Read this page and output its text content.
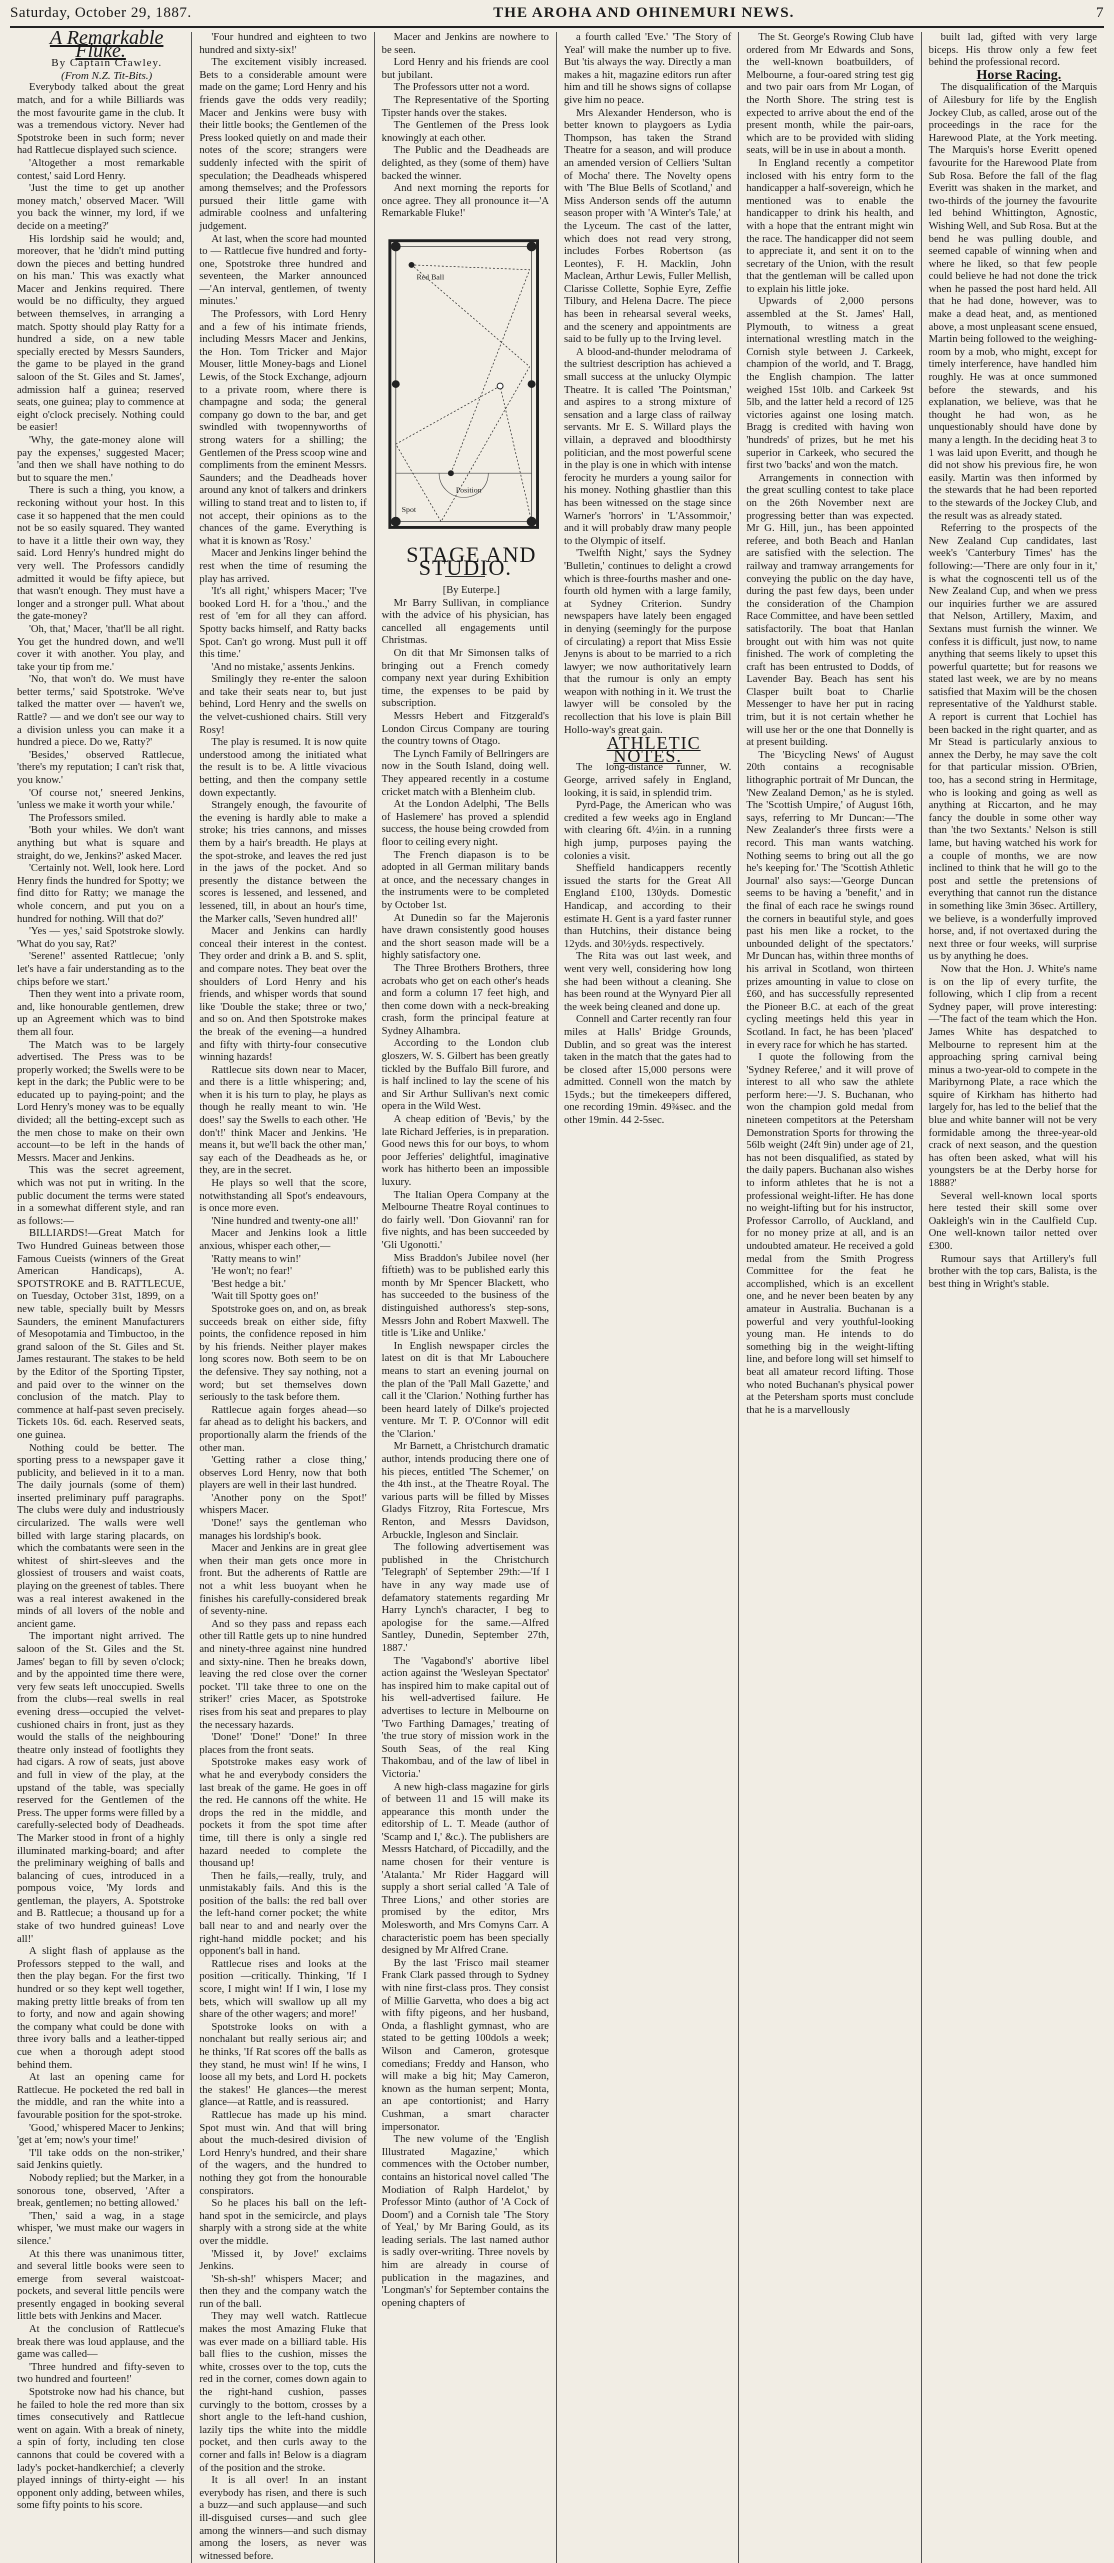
Saturday, October 29, 1887.	THE AROHA AND OHINEMURI NEWS.	7

A Remarkable Fluke.

By Captain Crawley.

(From N.Z. Tit-Bits.)

Everybody talked about the great match, and for a while Billiards was the most favourite game in the club. It was a tremendous victory. Never had Spotstroke been in such form; never had Rattlecue displayed such science.

'Altogether a most remarkable contest,' said Lord Henry.

'Just the time to get up another money match,' observed Macer. 'Will you back the winner, my lord, if we decide on a meeting?'

His lordship said he would; and, moreover, that he 'didn't mind putting down the pieces and betting hundred on his man.' This was exactly what Macer and Jenkins required. There would be no difficulty, they argued between themselves, in arranging a match. Spotty should play Ratty for a hundred a side, on a new table specially erected by Messrs Saunders, the game to be played in the grand saloon of the St. Giles and St. James', admission half a guinea; reserved seats, one guinea; play to commence at eight o'clock precisely. Nothing could be easier!

'Why, the gate-money alone will pay the expenses,' suggested Macer; 'and then we shall have nothing to do but to square the men.'

There is such a thing, you know, a reckoning without your host. In this case it so happened that the men could not be so easily squared. They wanted to have it a little their own way, they said. Lord Henry's hundred might do very well. The Professors candidly admitted it would be fifty apiece, but that wasn't enough. They must have a longer and a stronger pull. What about the gate-money?

'Oh, that,' Macer, 'that'll be all right. You get the hundred down, and we'll cover it with another. You play, and take your tip from me.'

'No, that won't do. We must have better terms,' said Spotstroke. 'We've talked the matter over — haven't we, Rattle? — and we don't see our way to a division unless you can make it a hundred a piece. Do we, Ratty?'

'Besides,' observed Rattlecue, 'there's my reputation; I can't risk that, you know.'

'Of course not,' sneered Jenkins, 'unless we make it worth your while.'

The Professors smiled.

'Both your whiles. We don't want anything but what is square and straight, do we, Jenkins?' asked Macer.

'Certainly not. Well, look here. Lord Henry finds the hundred for Spotty; we find ditto for Ratty; we manage the whole concern, and put you on a hundred for nothing. Will that do?'

'Yes — yes,' said Spotstroke slowly. 'What do you say, Rat?'

'Serene!' assented Rattlecue; 'only let's have a fair understanding as to the chips before we start.'

Then they went into a private room, and, like honourable gentlemen, drew up an Agreement which was to bind them all four.

The Match was to be largely advertised. The Press was to be properly worked; the Swells were to be kept in the dark; the Public were to be educated up to paying-point; and the Lord Henry's money was to be equally divided; all the betting-except such as the men chose to make on their own account—to be left in the hands of Messrs. Macer and Jenkins.

This was the secret agreement, which was not put in writing. In the public document the terms were stated in a somewhat different style, and ran as follows:—

BILLIARDS!—Great Match for Two Hundred Guineas between those Famous Cueists (winners of the Great American Handicaps), A. SPOTSTROKE and B. RATTLECUE, on Tuesday, October 31st, 1899, on a new table, specially built by Messrs Saunders, the eminent Manufacturers of Mesopotamia and Timbuctoo, in the grand saloon of the St. Giles and St. James restaurant. The stakes to be held by the Editor of the Sporting Tipster, and paid over to the winner on the conclusion of the match. Play to commence at half-past seven precisely. Tickets 10s. 6d. each. Reserved seats, one guinea.

Nothing could be better. The sporting press to a newspaper gave it publicity, and believed in it to a man. The daily journals (some of them) inserted preliminary puff paragraphs. The clubs were duly and industriously circularized. The walls were well billed with large staring placards, on which the combatants were seen in the whitest of shirt-sleeves and the glossiest of trousers and waist coats, playing on the greenest of tables. There was a real interest awakened in the minds of all lovers of the noble and ancient game.

The important night arrived. The saloon of the St. Giles and the St. James' began to fill by seven o'clock; and by the appointed time there were, very few seats left unoccupied. Swells from the clubs—real swells in real evening dress—occupied the velvet-cushioned chairs in front, just as they would the stalls of the neighbouring theatre only instead of footlights they had cigars. A row of seats, just above and full in view of the play, at the upstand of the table, was specially reserved for the Gentlemen of the Press. The upper forms were filled by a carefully-selected body of Deadheads. The Marker stood in front of a highly illuminated marking-board; and after the preliminary weighing of balls and balancing of cues, introduced in a pompous voice, 'My lords and gentleman, the players, A. Spotstroke and B. Rattlecue; a thousand up for a stake of two hundred guineas! Love all!'

A slight flash of applause as the Professors stepped to the wall, and then the play began. For the first two hundred or so they kept well together, making pretty little breaks of from ten to forty, and now and again showing the company what could be done with three ivory balls and a leather-tipped cue when a thorough adept stood behind them.

At last an opening came for Rattlecue. He pocketed the red ball in the middle, and ran the white into a favourable position for the spot-stroke.

'Good,' whispered Macer to Jenkins; 'get at 'em; now's your time!'

'I'll take odds on the non-striker,' said Jenkins quietly.

Nobody replied; but the Marker, in a sonorous tone, observed, 'After a break, gentlemen; no betting allowed.'

'Then,' said a wag, in a stage whisper, 'we must make our wagers in silence.'

At this there was unanimous titter, and several little books were seen to emerge from several waistcoat-pockets, and several little pencils were presently engaged in booking several little bets with Jenkins and Macer.

At the conclusion of Rattlecue's break there was loud applause, and the game was called—

'Three hundred and fifty-seven to two hundred and fourteen!'

Spotstroke now had his chance, but he failed to hole the red more than six times consecutively and Rattlecue went on again. With a break of ninety, a spin of forty, including ten close cannons that could be covered with a lady's pocket-handkerchief; a cleverly played innings of thirty-eight — his opponent only adding, between whiles, some fifty points to his score.

'Four hundred and eighteen to two hundred and sixty-six!'

The excitement visibly increased. Bets to a considerable amount were made on the game; Lord Henry and his friends gave the odds very readily; Macer and Jenkins were busy with their little books; the Gentlemen of the Press looked quietly on and made their notes of the score; strangers were suddenly infected with the spirit of speculation; the Deadheads whispered among themselves; and the Professors pursued their little game with admirable coolness and unfaltering judgement.

At last, when the score had mounted to — Rattlecue five hundred and forty-one, Spotstroke three hundred and seventeen, the Marker announced—'An interval, gentlemen, of twenty minutes.'

The Professors, with Lord Henry and a few of his intimate friends, including Messrs Macer and Jenkins, the Hon. Tom Tricker and Major Mouser, little Money-bags and Lionel Lewis, of the Stock Exchange, adjourn to a private room, where there is champagne and soda; the general company go down to the bar, and get swindled with twopennyworths of strong waters for a shilling; the Gentlemen of the Press scoop wine and compliments from the eminent Messrs. Saunders; and the Deadheads hover around any knot of talkers and drinkers willing to stand treat and to listen to, if not accept, their opinions as to the chances of the game. Everything is what it is known as 'Rosy.'

Macer and Jenkins linger behind the rest when the time of resuming the play has arrived.

'It's all right,' whispers Macer; 'I've booked Lord H. for a 'thou.,' and the rest of 'em for all they can afford. Spotty backs himself, and Ratty backs Spot. Can't go wrong. Must pull it off this time.'

'And no mistake,' assents Jenkins.

Smilingly they re-enter the saloon and take their seats near to, but just behind, Lord Henry and the swells on the velvet-cushioned chairs. Still very Rosy!

The play is resumed. It is now quite understood among the initiated what the result is to be. A little vivacious betting, and then the company settle down expectantly.

Strangely enough, the favourite of the evening is hardly able to make a stroke; his tries cannons, and misses them by a hair's breadth. He plays at the spot-stroke, and leaves the red just in the jaws of the pocket. And so presently the distance between the scores is lessened, and lessened, and lessened, till, in about an hour's time, the Marker calls, 'Seven hundred all!'

Macer and Jenkins can hardly conceal their interest in the contest. They order and drink a B. and S. split, and compare notes. They beat over the shoulders of Lord Henry and his friends, and whisper words that sound like 'Double the stake; three or two,' and so on. And then Spotstroke makes the break of the evening—a hundred and fifty with thirty-four consecutive winning hazards!

Rattlecue sits down near to Macer, and there is a little whispering; and, when it is his turn to play, he plays as though he really meant to win. 'He does!' say the Swells to each other. 'He don't!' think Macer and Jenkins. 'He means it, but we'll back the other man,' say each of the Deadheads as he, or they, are in the secret.

He plays so well that the score, notwithstanding all Spot's endeavours, is once more even.

'Nine hundred and twenty-one all!'

Macer and Jenkins look a little anxious, whisper each other,—

'Ratty means to win!'

'He won't; no fear!'

'Best hedge a bit.'

'Wait till Spotty goes on!'

Spotstroke goes on, and on, as break succeeds break on either side, fifty points, the confidence reposed in him by his friends. Neither player makes long scores now. Both seem to be on the defensive. They say nothing, not a word; but set themselves down seriously to the task before them.

Rattlecue again forges ahead—so far ahead as to delight his backers, and proportionally alarm the friends of the other man.

'Getting rather a close thing,' observes Lord Henry, now that both players are well in their last hundred.

'Another pony on the Spot!' whispers Macer.

'Done!' says the gentleman who manages his lordship's book.

Macer and Jenkins are in great glee when their man gets once more in front. But the adherents of Rattle are not a whit less buoyant when he finishes his carefully-considered break of seventy-nine.

And so they pass and repass each other till Rattle gets up to nine hundred and ninety-three against nine hundred and sixty-nine. Then he breaks down, leaving the red close over the corner pocket. 'I'll take three to one on the striker!' cries Macer, as Spotstroke rises from his seat and prepares to play the necessary hazards.

'Done!' 'Done!' 'Done!' In three places from the front seats.

Spotstroke makes easy work of what he and everybody considers the last break of the game. He goes in off the red. He cannons off the white. He drops the red in the middle, and pockets it from the spot time after time, till there is only a single red hazard needed to complete the thousand up!

Then he fails,—really, truly, and unmistakably fails. And this is the position of the balls: the red ball over the left-hand corner pocket; the white ball near to and and nearly over the right-hand middle pocket; and his opponent's ball in hand.

Rattlecue rises and looks at the position —critically. Thinking, 'If I score, I might win! If I win, I lose my bets, which will swallow up all my share of the other wagers; and more!'

Spotstroke looks on with a nonchalant but really serious air; and he thinks, 'If Rat scores off the balls as they stand, he must win! If he wins, I loose all my bets, and Lord H. pockets the stakes!' He glances—the merest glance—at Rattle, and is reassured.

Rattlecue has made up his mind. Spot must win. And that will bring about the much-desired division of Lord Henry's hundred, and their share of the wagers, and the hundred to nothing they got from the honourable conspirators.

So he places his ball on the left-hand spot in the semicircle, and plays sharply with a strong side at the white over the middle.

'Missed it, by Jove!' exclaims Jenkins.

'Sh-sh-sh!' whispers Macer; and then they and the company watch the run of the ball.

They may well watch. Rattlecue makes the most Amazing Fluke that was ever made on a billiard table. His ball flies to the cushion, misses the white, crosses over to the top, cuts the red in the corner, comes down again to the right-hand cushion, passes curvingly to the bottom, crosses by a short angle to the left-hand cushion, lazily tips the white into the middle pocket, and then curls away to the corner and falls in! Below is a diagram of the position and the stroke.

It is all over! In an instant everybody has risen, and there is such a buzz—and such applause—and such ill-disguised curses—and such glee among the winners—and such dismay among the losers, as never was witnessed before.

Macer and Jenkins are nowhere to be seen.

Lord Henry and his friends are cool but jubilant.

The Professors utter not a word.

The Representative of the Sporting Tipster hands over the stakes.

The Gentlemen of the Press look knowingly at each other.

The Public and the Deadheads are delighted, as they (some of them) have backed the winner.

And next morning the reports for once agree. They all pronounce it—'A Remarkable Fluke!'

Red Ball
Position
Spot

STAGE AND STUDIO.

[By Euterpe.]

Mr Barry Sullivan, in compliance with the advice of his physician, has cancelled all engagements until Christmas.

On dit that Mr Simonsen talks of bringing out a French comedy company next year during Exhibition time, the expenses to be paid by subscription.

Messrs Hebert and Fitzgerald's London Circus Company are touring the country towns of Otago.

The Lynch Family of Bellringers are now in the South Island, doing well. They appeared recently in a costume cricket match with a Blenheim club.

At the London Adelphi, 'The Bells of Haslemere' has proved a splendid success, the house being crowded from floor to ceiling every night.

The French diapason is to be adopted in all German military bands at once, and the necessary changes in the instruments were to be completed by October 1st.

At Dunedin so far the Majeronis have drawn consistently good houses and the short season made will be a highly satisfactory one.

The Three Brothers Brothers, three acrobats who get on each other's heads and form a column 17 feet high, and then come down with a neck-breaking crash, form the principal feature at Sydney Alhambra.

According to the London club gloszers, W. S. Gilbert has been greatly tickled by the Buffalo Bill furore, and is half inclined to lay the scene of his and Sir Arthur Sullivan's next comic opera in the Wild West.

A cheap edition of 'Bevis,' by the late Richard Jefferies, is in preparation. Good news this for our boys, to whom poor Jefferies' delightful, imaginative work has hitherto been an impossible luxury.

The Italian Opera Company at the Melbourne Theatre Royal continues to do fairly well. 'Don Giovanni' ran for five nights, and has been succeeded by 'Gli Ugonotti.'

Miss Braddon's Jubilee novel (her fiftieth) was to be published early this month by Mr Spencer Blackett, who has succeeded to the business of the distinguished authoress's step-sons, Messrs John and Robert Maxwell. The title is 'Like and Unlike.'

In English newspaper circles the latest on dit is that Mr Labouchere means to start an evening journal on the plan of the 'Pall Mall Gazette,' and call it the 'Clarion.' Nothing further has been heard lately of Dilke's projected venture. Mr T. P. O'Connor will edit the 'Clarion.'

Mr Barnett, a Christchurch dramatic author, intends producing there one of his pieces, entitled 'The Schemer,' on the 4th inst., at the Theatre Royal. The various parts will be filled by Misses Gladys Fitzroy, Rita Fortescue, Mrs Renton, and Messrs Davidson, Arbuckle, Ingleson and Sinclair.

The following advertisement was published in the Christchurch 'Telegraph' of September 29th:—'If I have in any way made use of defamatory statements regarding Mr Harry Lynch's character, I beg to apologise for the same.—Alfred Santley, Dunedin, September 27th, 1887.'

The 'Vagabond's' abortive libel action against the 'Wesleyan Spectator' has inspired him to make capital out of his well-advertised failure. He advertises to lecture in Melbourne on 'Two Farthing Damages,' treating of 'the true story of mission work in the South Seas, of the real King Thakombau, and of the law of libel in Victoria.'

A new high-class magazine for girls of between 11 and 15 will make its appearance this month under the editorship of L. T. Meade (author of 'Scamp and I,' &c.). The publishers are Messrs Hatchard, of Piccadilly, and the name chosen for their venture is 'Atalanta.' Mr Rider Haggard will supply a short serial called 'A Tale of Three Lions,' and other stories are promised by the editor, Mrs Molesworth, and Mrs Comyns Carr. A characteristic poem has been specially designed by Mr Alfred Crane.

By the last 'Frisco mail steamer Frank Clark passed through to Sydney with nine first-class pros. They consist of Millie Garvetta, who does a big act with fifty pigeons, and her husband, Onda, a flashlight gymnast, who are stated to be getting 100dols a week; Wilson and Cameron, grotesque comedians; Freddy and Hanson, who will make a big hit; May Cameron, known as the human serpent; Monta, an ape contortionist; and Harry Cushman, a smart character impersonator.

The new volume of the 'English Illustrated Magazine,' which commences with the October number, contains an historical novel called 'The Modiation of Ralph Hardelot,' by Professor Minto (author of 'A Cock of Doom') and a Cornish tale 'The Story of Yeal,' by Mr Baring Gould, as its leading serials. The last named author is sadly over-writing. Three novels by him are already in course of publication in the magazines, and 'Longman's' for September contains the opening chapters of

a fourth called 'Eve.' 'The Story of Yeal' will make the number up to five. But 'tis always the way. Directly a man makes a hit, magazine editors run after him and till he shows signs of collapse give him no peace.

Mrs Alexander Henderson, who is better known to playgoers as Lydia Thompson, has taken the Strand Theatre for a season, and will produce an amended version of Celliers 'Sultan of Mocha' there. The Novelty opens with 'The Blue Bells of Scotland,' and Miss Anderson sends off the autumn season proper with 'A Winter's Tale,' at the Lyceum. The cast of the latter, which does not read very strong, includes Forbes Robertson (as Leontes), F. H. Macklin, John Maclean, Arthur Lewis, Fuller Mellish, Clarisse Collette, Sophie Eyre, Zeffie Tilbury, and Helena Dacre. The piece has been in rehearsal several weeks, and the scenery and appointments are said to be fully up to the Irving level.

A blood-and-thunder melodrama of the sultriest description has achieved a small success at the unlucky Olympic Theatre. It is called 'The Pointsman,' and aspires to a strong mixture of sensation and a large class of railway servants. Mr E. S. Willard plays the villain, a depraved and bloodthirsty politician, and the most powerful scene in the play is one in which with intense ferocity he murders a young sailor for his money. Nothing ghastlier than this has been witnessed on the stage since Warner's 'horrors' in 'L'Assommoir,' and it will probably draw many people to the Olympic of itself.

'Twelfth Night,' says the Sydney 'Bulletin,' continues to delight a crowd which is three-fourths masher and one-fourth old hymen with a large family, at Sydney Criterion. Sundry newspapers have lately been engaged in denying (seemingly for the purpose of circulating) a report that Miss Essie Jenyns is about to be married to a rich lawyer; we now authoritatively learn that the rumour is only an empty weapon with nothing in it. We trust the lawyer will be consoled by the recollection that his love is plain Bill Hollo-way's great gain.

ATHLETIC NOTES.

The long-distance runner, W. George, arrived safely in England, looking, it is said, in splendid trim.

Pyrd-Page, the American who was credited a few weeks ago in England with clearing 6ft. 4½in. in a running high jump, purposes paying the colonies a visit.

Sheffield handicappers recently issued the starts for the Great All England £100, 130yds. Domestic Handicap, and according to their estimate H. Gent is a yard faster runner than Hutchins, their distance being 12yds. and 30½yds. respectively.

The Rita was out last week, and went very well, considering how long she had been without a cleaning. She has been round at the Wynyard Pier all the week being cleaned and done up.

Connell and Carter recently ran four miles at Halls' Bridge Grounds, Dublin, and so great was the interest taken in the match that the gates had to be closed after 15,000 persons were admitted. Connell won the match by 15yds.; but the timekeepers differed, one recording 19min. 49¾sec. and the other 19min. 44 2-5sec.

The St. George's Rowing Club have ordered from Mr Edwards and Sons, the well-known boatbuilders, of Melbourne, a four-oared string test gig and two pair oars from Mr Logan, of the North Shore. The string test is expected to arrive about the end of the present month, while the pair-oars, which are to be provided with sliding seats, will be in use in about a month.

In England recently a competitor inclosed with his entry form to the handicapper a half-sovereign, which he mentioned was to enable the handicapper to drink his health, and with a hope that the entrant might win the race. The handicapper did not seem to appreciate it, and sent it on to the secretary of the Union, with the result that the gentleman will be called upon to explain his little joke.

Upwards of 2,000 persons assembled at the St. James' Hall, Plymouth, to witness a great international wrestling match in the Cornish style between J. Carkeek, champion of the world, and T. Bragg, the English champion. The latter weighed 15st 10lb. and Carkeek 9st 5lb, and the latter held a record of 125 victories against one losing match. Bragg is credited with having won 'hundreds' of prizes, but he met his superior in Carkeek, who secured the first two 'backs' and won the match.

Arrangements in connection with the great sculling contest to take place on the 26th November next are progressing better than was expected. Mr G. Hill, jun., has been appointed referee, and both Beach and Hanlan are satisfied with the selection. The railway and tramway arrangements for conveying the public on the day have, during the past few days, been under the consideration of the Champion Race Committee, and have been settled satisfactorily. The boat that Hanlan brought out with him was not quite finished. The work of completing the craft has been entrusted to Dodds, of Lavender Bay. Beach has sent his Clasper built boat to Charlie Messenger to have her put in racing trim, but it is not certain whether he will use her or the one that Donnelly is at present building.

The 'Bicycling News' of August 20th contains a recognisable lithographic portrait of Mr Duncan, the 'New Zealand Demon,' as he is styled. The 'Scottish Umpire,' of August 16th, says, referring to Mr Duncan:—'The New Zealander's three firsts were a record. This man wants watching. Nothing seems to bring out all the go he's keeping for.' The 'Scottish Athletic Journal' also says:—'George Duncan seems to be having a 'benefit,' and in the final of each race he swings round the corners in beautiful style, and goes past his men like a rocket, to the unbounded delight of the spectators.' Mr Duncan has, within three months of his arrival in Scotland, won thirteen prizes amounting in value to close on £60, and has successfully represented the Pioneer B.C. at each of the great cycling meetings held this year in Scotland. In fact, he has been 'placed' in every race for which he has started.

I quote the following from the 'Sydney Referee,' and it will prove of interest to all who saw the athlete perform here:—'J. S. Buchanan, who won the champion gold medal from nineteen competitors at the Petersham Demonstration Sports for throwing the 56lb weight (24ft 9in) under age of 21, has not been disqualified, as stated by the daily papers. Buchanan also wishes to inform athletes that he is not a professional weight-lifter. He has done no weight-lifting but for his instructor, Professor Carrollo, of Auckland, and for no money prize at all, and is an undoubted amateur. He received a gold medal from the Smith Progress Committee for the feat he accomplished, which is an excellent one, and he never been beaten by any amateur in Australia. Buchanan is a powerful and very youthful-looking young man. He intends to do something big in the weight-lifting line, and before long will set himself to beat all amateur record lifting. Those who noted Buchanan's physical power at the Petersham sports must conclude that he is a marvellously

built lad, gifted with very large biceps. His throw only a few feet behind the professional record.

Horse Racing.

The disqualification of the Marquis of Ailesbury for life by the English Jockey Club, as called, arose out of the proceedings in the race for the Harewood Plate, at the York meeting. The Marquis's horse Everitt opened favourite for the Harewood Plate from Sub Rosa. Before the fall of the flag Everitt was shaken in the market, and two-thirds of the journey the favourite led behind Whittington, Agnostic, Wishing Well, and Sub Rosa. But at the bend he was pulling double, and seemed capable of winning when and where he liked, so that few people could believe he had not done the trick when he passed the post hard held. All that he had done, however, was to make a dead heat, and, as mentioned above, a most unpleasant scene ensued, Martin being followed to the weighing-room by a mob, who might, except for timely interference, have handled him roughly. He was at once summoned before the stewards, and his explanation, we believe, was that he thought he had won, as he unquestionably should have done by many a length. In the deciding heat 3 to 1 was laid upon Everitt, and though he did not show his previous fire, he won easily. Martin was then informed by the stewards that he had been reported to the stewards of the Jockey Club, and the result was as already stated.

Referring to the prospects of the New Zealand Cup candidates, last week's 'Canterbury Times' has the following:—'There are only four in it,' is what the cognoscenti tell us of the New Zealand Cup, and when we press our inquiries further we are assured that Nelson, Artillery, Maxim, and Sextans must furnish the winner. We confess it is difficult, just now, to name anything that seems likely to upset this powerful quartette; but for reasons we stated last week, we are by no means satisfied that Maxim will be the chosen representative of the Yaldhurst stable. A report is current that Lochiel has been backed in the right quarter, and as Mr Stead is particularly anxious to annex the Derby, he may save the colt for that particular mission. O'Brien, too, has a second string in Hermitage, who is looking and going as well as anything at Riccarton, and he may fancy the double in some other way than 'the two Sextants.' Nelson is still lame, but having watched his work for a couple of months, we are now inclined to think that he will go to the post and settle the pretensions of everything that cannot run the distance in something like 3min 36sec. Artillery, we believe, is a wonderfully improved horse, and, if not overtaxed during the next three or four weeks, will surprise us by anything he does.

Now that the Hon. J. White's name is on the lip of every turfite, the following, which I clip from a recent Sydney paper, will prove interesting:—'The fact of the team which the Hon. James White has despatched to Melbourne to represent him at the approaching spring carnival being minus a two-year-old to compete in the Maribyrnong Plate, a race which the squire of Kirkham has hitherto had largely for, has led to the belief that the blue and white banner will not be very formidable among the three-year-old crack of next season, and the question has often been asked, what will his youngsters be at the Derby horse for 1888?'

Several well-known local sports here tested their skill some over Oakleigh's win in the Caulfield Cup. One well-known tailor netted over £300.

Rumour says that Artillery's full brother with the top cars, Balista, is the best thing in Wright's stable.
